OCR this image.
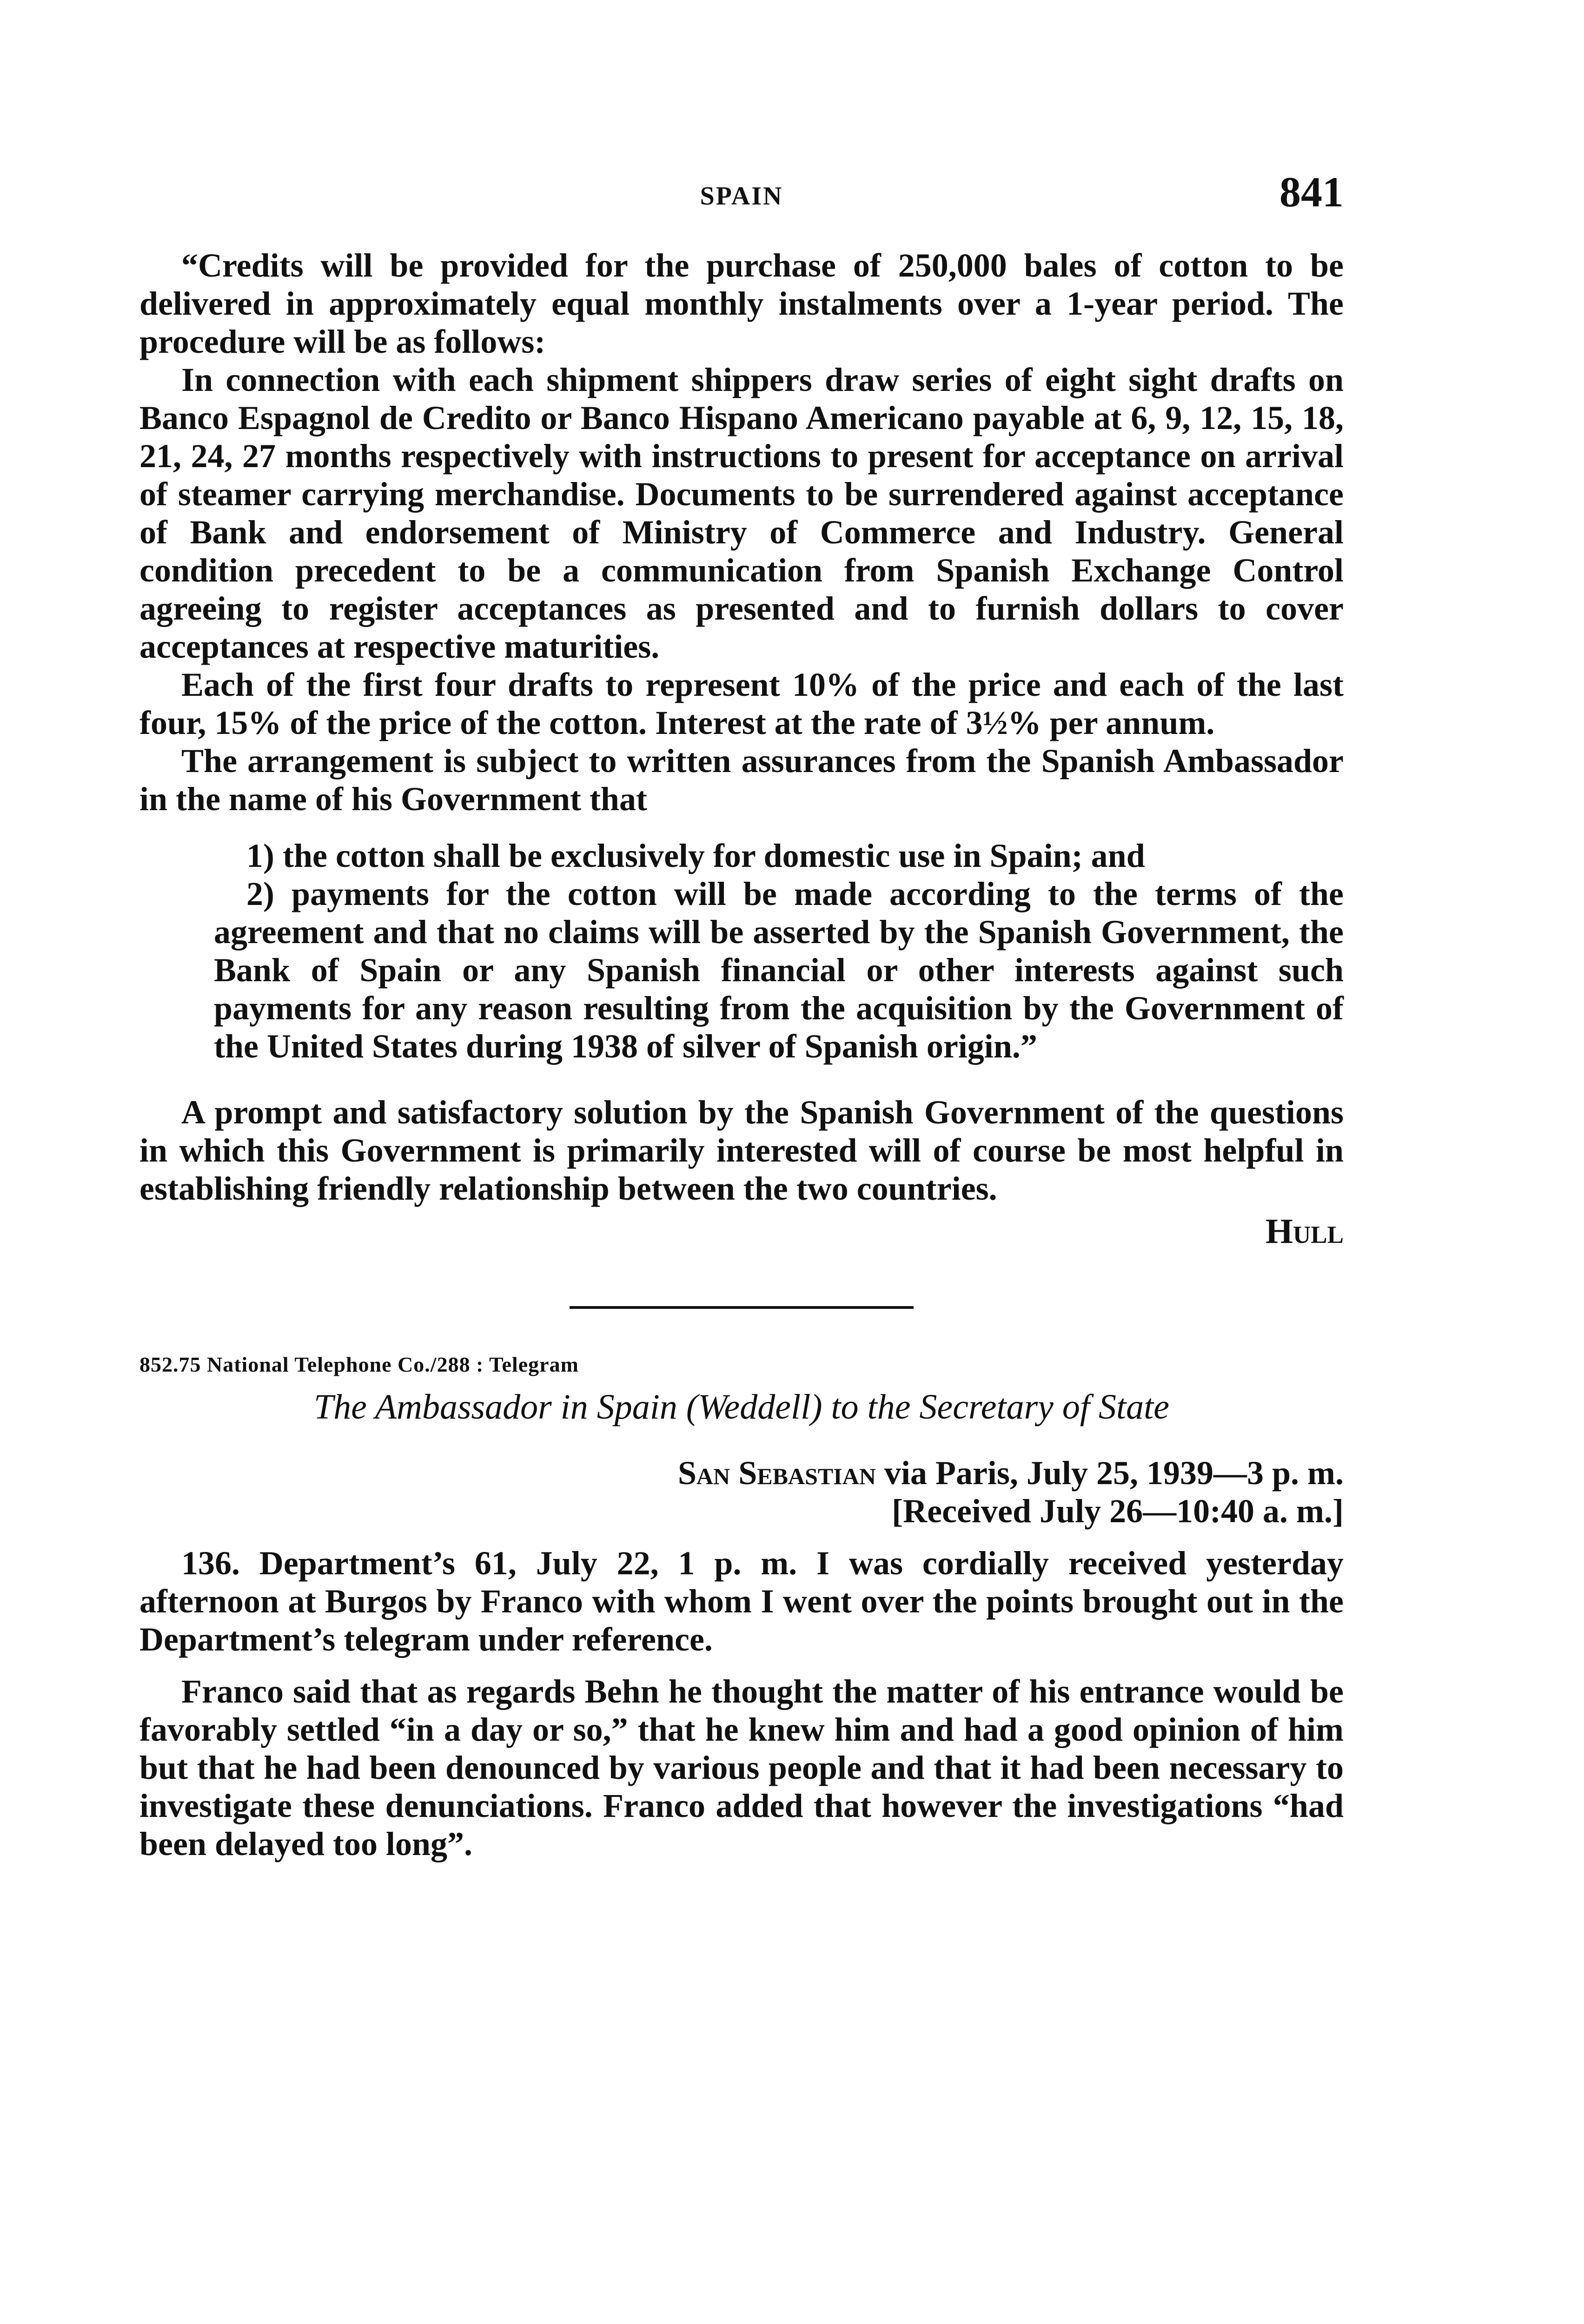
SPAIN	841

“Credits will be provided for the purchase of 250,000 bales of cotton to be delivered in approximately equal monthly instalments over a 1-year period. The procedure will be as follows:

In connection with each shipment shippers draw series of eight sight drafts on Banco Espagnol de Credito or Banco Hispano Americano payable at 6, 9, 12, 15, 18, 21, 24, 27 months respectively with instructions to present for acceptance on arrival of steamer carrying merchandise. Documents to be surrendered against acceptance of Bank and endorsement of Ministry of Commerce and Industry. General condition precedent to be a communication from Spanish Exchange Control agreeing to register acceptances as presented and to furnish dollars to cover acceptances at respective maturities.

Each of the first four drafts to represent 10% of the price and each of the last four, 15% of the price of the cotton. Interest at the rate of 3½% per annum.

The arrangement is subject to written assurances from the Spanish Ambassador in the name of his Government that

1) the cotton shall be exclusively for domestic use in Spain; and

2) payments for the cotton will be made according to the terms of the agreement and that no claims will be asserted by the Spanish Government, the Bank of Spain or any Spanish financial or other interests against such payments for any reason resulting from the acquisition by the Government of the United States during 1938 of silver of Spanish origin.”

A prompt and satisfactory solution by the Spanish Government of the questions in which this Government is primarily interested will of course be most helpful in establishing friendly relationship between the two countries.

Hull

852.75 National Telephone Co./288 : Telegram

The Ambassador in Spain (Weddell) to the Secretary of State

San Sebastian via Paris, July 25, 1939—3 p. m.

[Received July 26—10:40 a. m.]

136. Department’s 61, July 22, 1 p. m. I was cordially received yesterday afternoon at Burgos by Franco with whom I went over the points brought out in the Department’s telegram under reference.

Franco said that as regards Behn he thought the matter of his entrance would be favorably settled “in a day or so,” that he knew him and had a good opinion of him but that he had been denounced by various people and that it had been necessary to investigate these denunciations. Franco added that however the investigations “had been delayed too long”.
